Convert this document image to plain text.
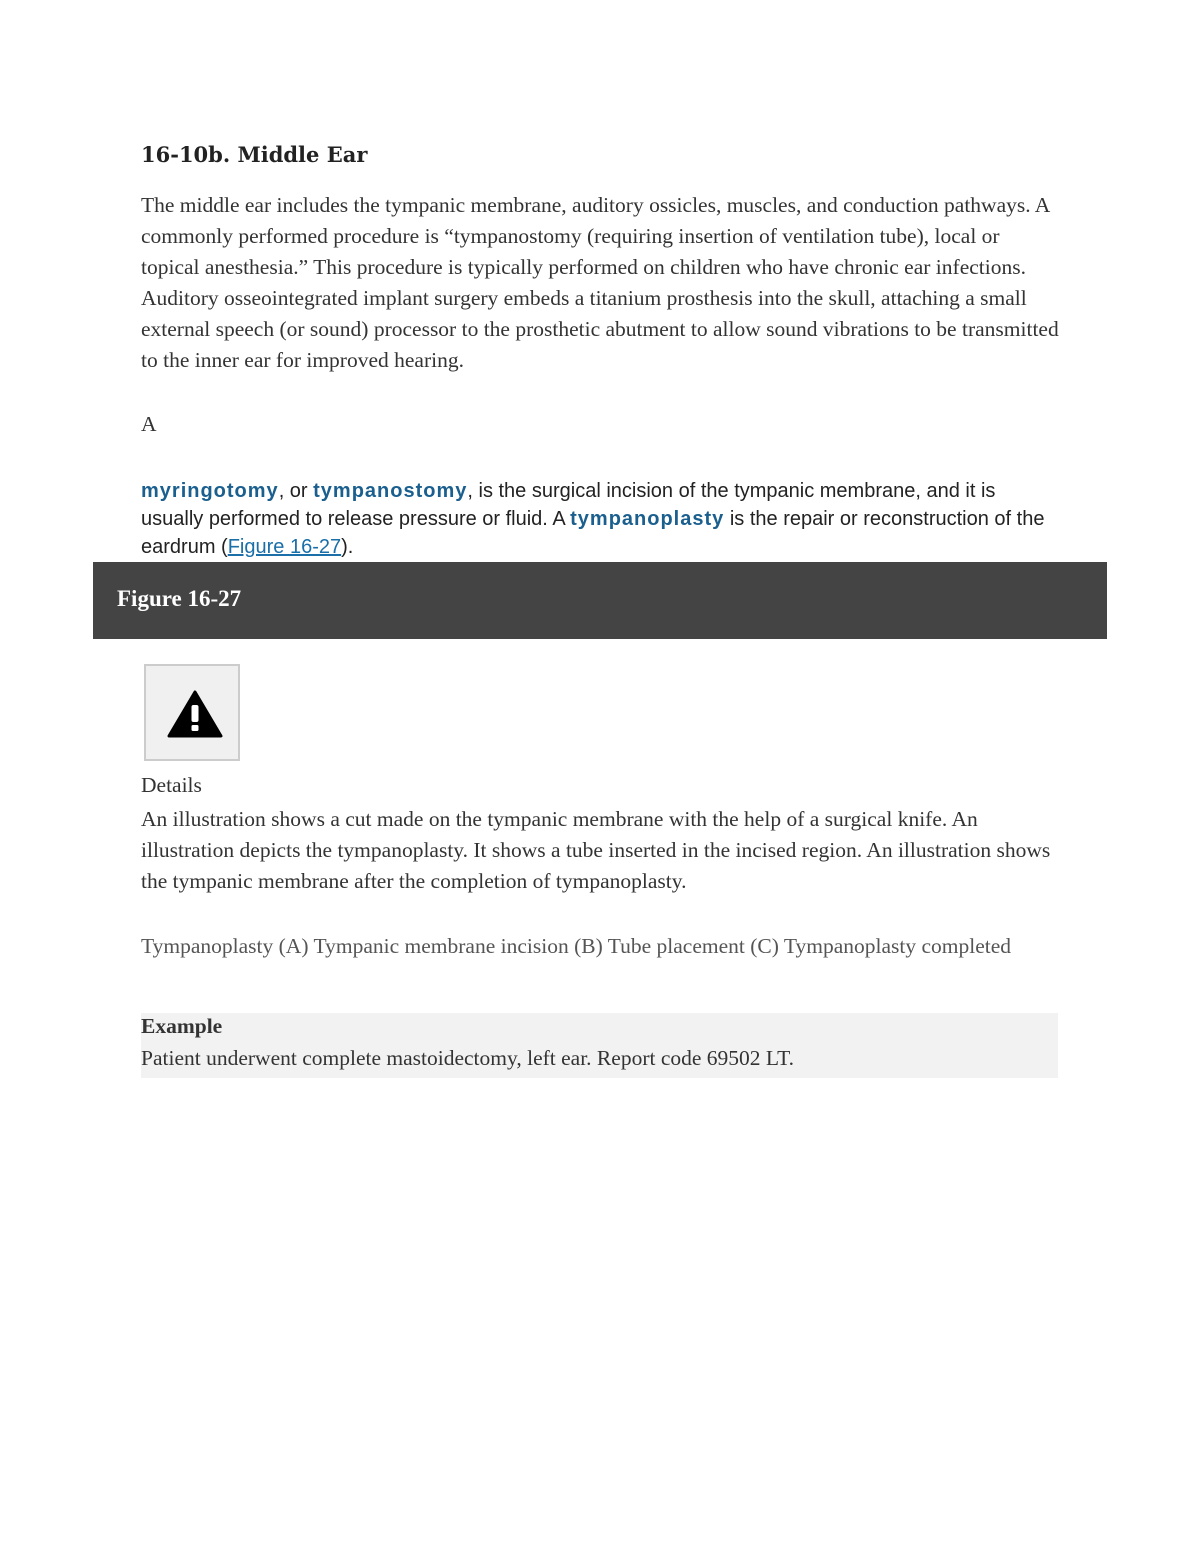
16-10b. Middle Ear

The middle ear includes the tympanic membrane, auditory ossicles, muscles, and conduction pathways. A commonly performed procedure is “tympanostomy (requiring insertion of ventilation tube), local or topical anesthesia.” This procedure is typically performed on children who have chronic ear infections. Auditory osseointegrated implant surgery embeds a titanium prosthesis into the skull, attaching a small external speech (or sound) processor to the prosthetic abutment to allow sound vibrations to be transmitted to the inner ear for improved hearing.

A

myringotomy, or tympanostomy, is the surgical incision of the tympanic membrane, and it is usually performed to release pressure or fluid. A tympanoplasty is the repair or reconstruction of the eardrum (Figure 16-27).

Figure 16-27

Details

An illustration shows a cut made on the tympanic membrane with the help of a surgical knife. An illustration depicts the tympanoplasty. It shows a tube inserted in the incised region. An illustration shows the tympanic membrane after the completion of tympanoplasty.

Tympanoplasty (A) Tympanic membrane incision (B) Tube placement (C) Tympanoplasty completed

Example

Patient underwent complete mastoidectomy, left ear. Report code 69502 LT.
